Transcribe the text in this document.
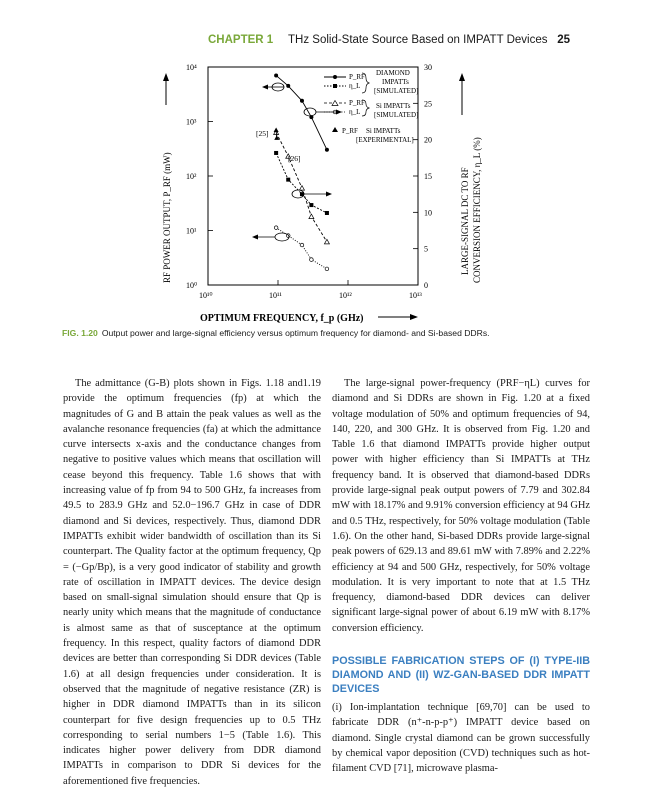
CHAPTER 1 THz Solid-State Source Based on IMPATT Devices 25
RF POWER OUTPUT, P_RF (mW)	LARGE-SIGNAL DC TO RF CONVERSION EFFICIENCY, η_L (%)
OPTIMUM FREQUENCY, f_p (GHz)
10⁴
10³
10²
10¹
10⁰
30
25
20
15
10
5
0
10¹⁰	10¹¹	10¹²	10¹³
P_RF
η_L
DIAMOND
IMPATTs
[SIMULATED]
P_RF
η_L
Si IMPATTs
[SIMULATED]
P_RF Si IMPATTs
[EXPERIMENTAL]
[25]
[26]
FIG. 1.20 Output power and large-signal efficiency versus optimum frequency for diamond- and Si-based DDRs.

The admittance (G-B) plots shown in Figs. 1.18 and1.19 provide the optimum frequencies (fp) at which the magnitudes of G and B attain the peak values as well as the avalanche resonance frequencies (fa) at which the admittance curve intersects x-axis and the conductance changes from negative to positive values which means that oscillation will cease beyond this frequency. Table 1.6 shows that with increasing value of fp from 94 to 500 GHz, fa increases from 49.5 to 283.9 GHz and 52.0−196.7 GHz in case of DDR diamond and Si devices, respectively. Thus, diamond DDR IMPATTs exhibit wider bandwidth of oscillation than its Si counterpart. The Quality factor at the optimum frequency, Qp = (−Gp/Bp), is a very good indicator of stability and growth rate of oscillation in IMPATT devices. The device design based on small-signal simulation should ensure that Qp is nearly unity which means that the magnitude of conductance is almost same as that of susceptance at the optimum frequency. In this respect, quality factors of diamond DDR devices are better than corresponding Si DDR devices (Table 1.6) at all design frequencies under consideration. It is observed that the magnitude of negative resistance (ZR) is higher in DDR diamond IMPATTs than in its silicon counterpart for five design frequencies up to 0.5 THz corresponding to serial numbers 1−5 (Table 1.6). This indicates higher power delivery from DDR diamond IMPATTs in comparison to DDR Si devices for the aforementioned five frequencies.

The large-signal power-frequency (PRF−ηL) curves for diamond and Si DDRs are shown in Fig. 1.20 at a fixed voltage modulation of 50% and optimum frequencies of 94, 140, 220, and 300 GHz. It is observed from Fig. 1.20 and Table 1.6 that diamond IMPATTs provide higher output power with higher efficiency than Si IMPATTs at THz frequency band. It is observed that diamond-based DDRs provide large-signal peak output powers of 7.79 and 302.84 mW with 18.17% and 9.91% conversion efficiency at 94 GHz and 0.5 THz, respectively, for 50% voltage modulation (Table 1.6). On the other hand, Si-based DDRs provide large-signal peak powers of 629.13 and 89.61 mW with 7.89% and 2.22% efficiency at 94 and 500 GHz, respectively, for 50% voltage modulation. It is very important to note that at 1.5 THz frequency, diamond-based DDR devices can deliver significant large-signal power of about 6.19 mW with 8.17% conversion efficiency.

POSSIBLE FABRICATION STEPS OF (I) TYPE-IIB DIAMOND AND (II) WZ-GAN-BASED DDR IMPATT DEVICES

(i) Ion-implantation technique [69,70] can be used to fabricate DDR (n⁺-n-p-p⁺) IMPATT device based on diamond. Single crystal diamond can be grown successfully by chemical vapor deposition (CVD) techniques such as hot-filament CVD [71], microwave plasma-
